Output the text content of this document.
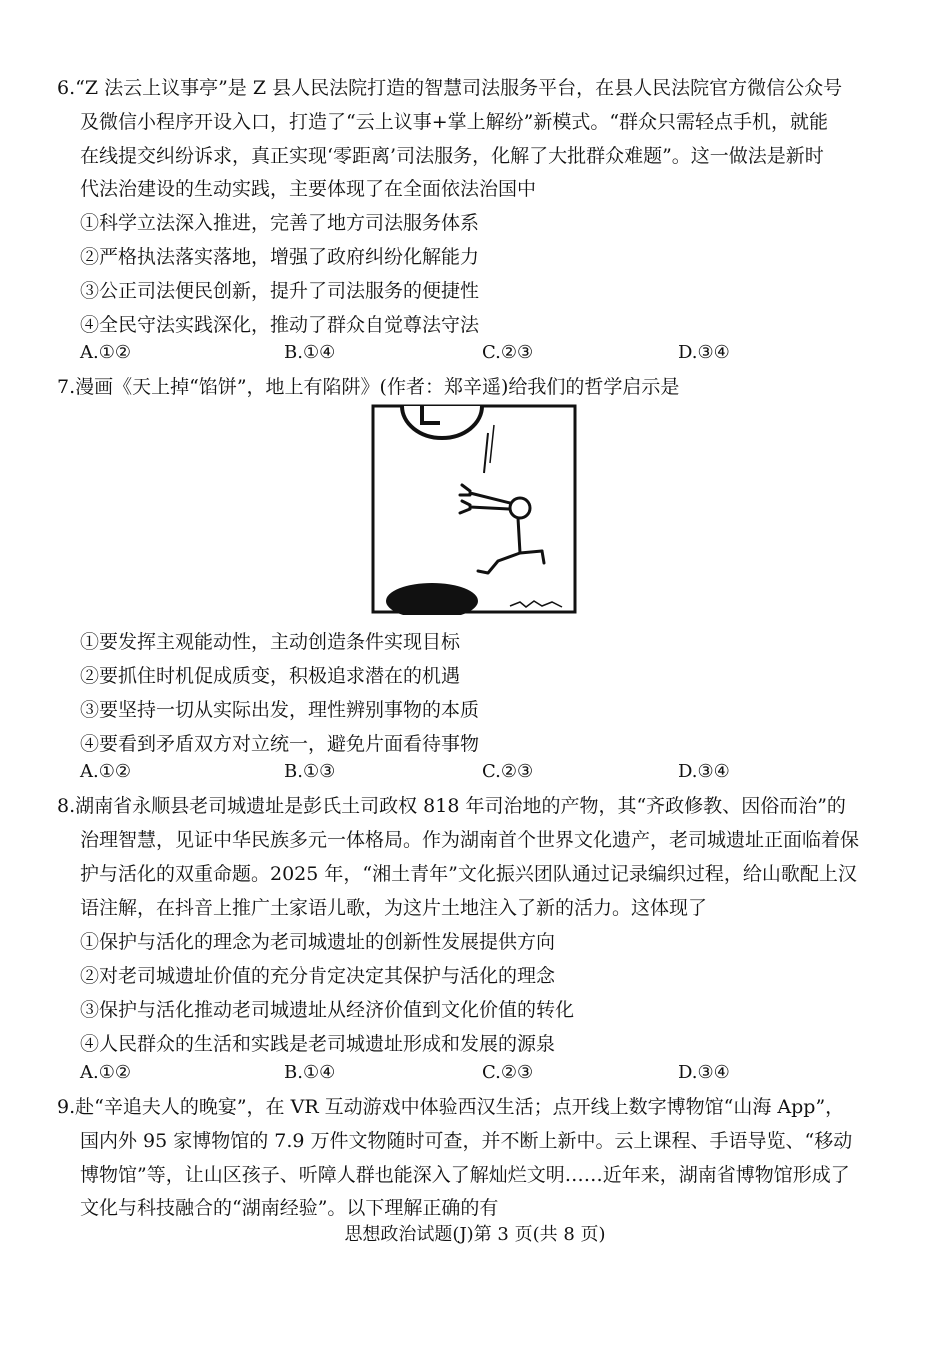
6.“Z 法云上议事亭”是 Z 县人民法院打造的智慧司法服务平台，在县人民法院官方微信公众号
及微信小程序开设入口，打造了“云上议事+掌上解纷”新模式。“群众只需轻点手机，就能
在线提交纠纷诉求，真正实现‘零距离’司法服务，化解了大批群众难题”。这一做法是新时
代法治建设的生动实践，主要体现了在全面依法治国中
①科学立法深入推进，完善了地方司法服务体系
②严格执法落实落地，增强了政府纠纷化解能力
③公正司法便民创新，提升了司法服务的便捷性
④全民守法实践深化，推动了群众自觉尊法守法
A.①②	B.①④	C.②③	D.③④
7.漫画《天上掉“馅饼”，地上有陷阱》(作者：郑辛遥)给我们的哲学启示是
①要发挥主观能动性，主动创造条件实现目标
②要抓住时机促成质变，积极追求潜在的机遇
③要坚持一切从实际出发，理性辨别事物的本质
④要看到矛盾双方对立统一，避免片面看待事物
A.①②	B.①③	C.②③	D.③④
8.湖南省永顺县老司城遗址是彭氏土司政权 818 年司治地的产物，其“齐政修教、因俗而治”的
治理智慧，见证中华民族多元一体格局。作为湖南首个世界文化遗产，老司城遗址正面临着保
护与活化的双重命题。2025 年，“湘土青年”文化振兴团队通过记录编织过程，给山歌配上汉
语注解，在抖音上推广土家语儿歌，为这片土地注入了新的活力。这体现了
①保护与活化的理念为老司城遗址的创新性发展提供方向
②对老司城遗址价值的充分肯定决定其保护与活化的理念
③保护与活化推动老司城遗址从经济价值到文化价值的转化
④人民群众的生活和实践是老司城遗址形成和发展的源泉
A.①②	B.①④	C.②③	D.③④
9.赴“辛追夫人的晚宴”，在 VR 互动游戏中体验西汉生活；点开线上数字博物馆“山海 App”，
国内外 95 家博物馆的 7.9 万件文物随时可查，并不断上新中。云上课程、手语导览、“移动
博物馆”等，让山区孩子、听障人群也能深入了解灿烂文明……近年来，湖南省博物馆形成了
文化与科技融合的“湖南经验”。以下理解正确的有
思想政治试题(J)第 3 页(共 8 页)
